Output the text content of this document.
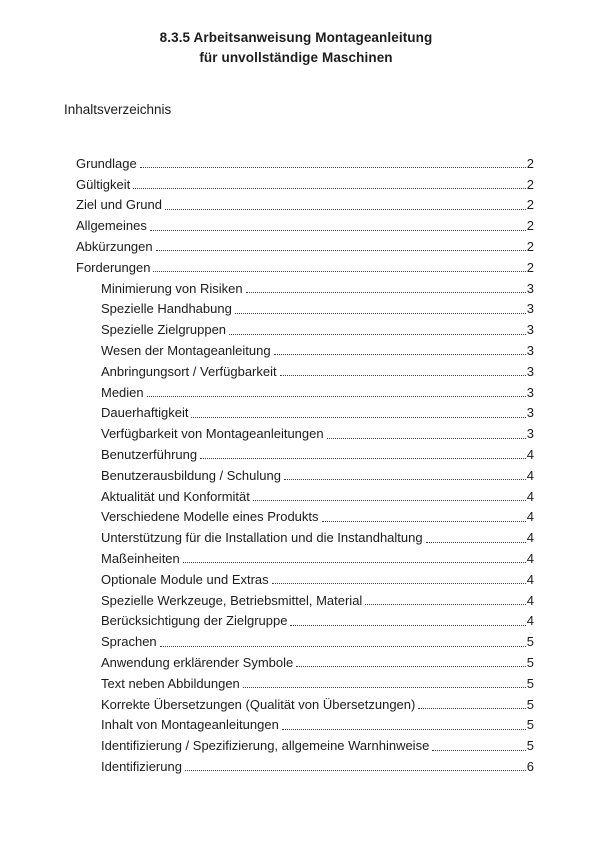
8.3.5 Arbeitsanweisung Montageanleitung
für unvollständige Maschinen
Inhaltsverzeichnis
Grundlage	2
Gültigkeit	2
Ziel und Grund	2
Allgemeines	2
Abkürzungen	2
Forderungen	2
Minimierung von Risiken	3
Spezielle Handhabung	3
Spezielle Zielgruppen	3
Wesen der Montageanleitung	3
Anbringungsort / Verfügbarkeit	3
Medien	3
Dauerhaftigkeit	3
Verfügbarkeit von Montageanleitungen	3
Benutzerführung	4
Benutzerausbildung / Schulung	4
Aktualität und Konformität	4
Verschiedene Modelle eines Produkts	4
Unterstützung für die Installation und die Instandhaltung	4
Maßeinheiten	4
Optionale Module und Extras	4
Spezielle Werkzeuge, Betriebsmittel, Material	4
Berücksichtigung der Zielgruppe	4
Sprachen	5
Anwendung erklärender Symbole	5
Text neben Abbildungen	5
Korrekte Übersetzungen (Qualität von Übersetzungen)	5
Inhalt von Montageanleitungen	5
Identifizierung / Spezifizierung, allgemeine Warnhinweise	5
Identifizierung	6
